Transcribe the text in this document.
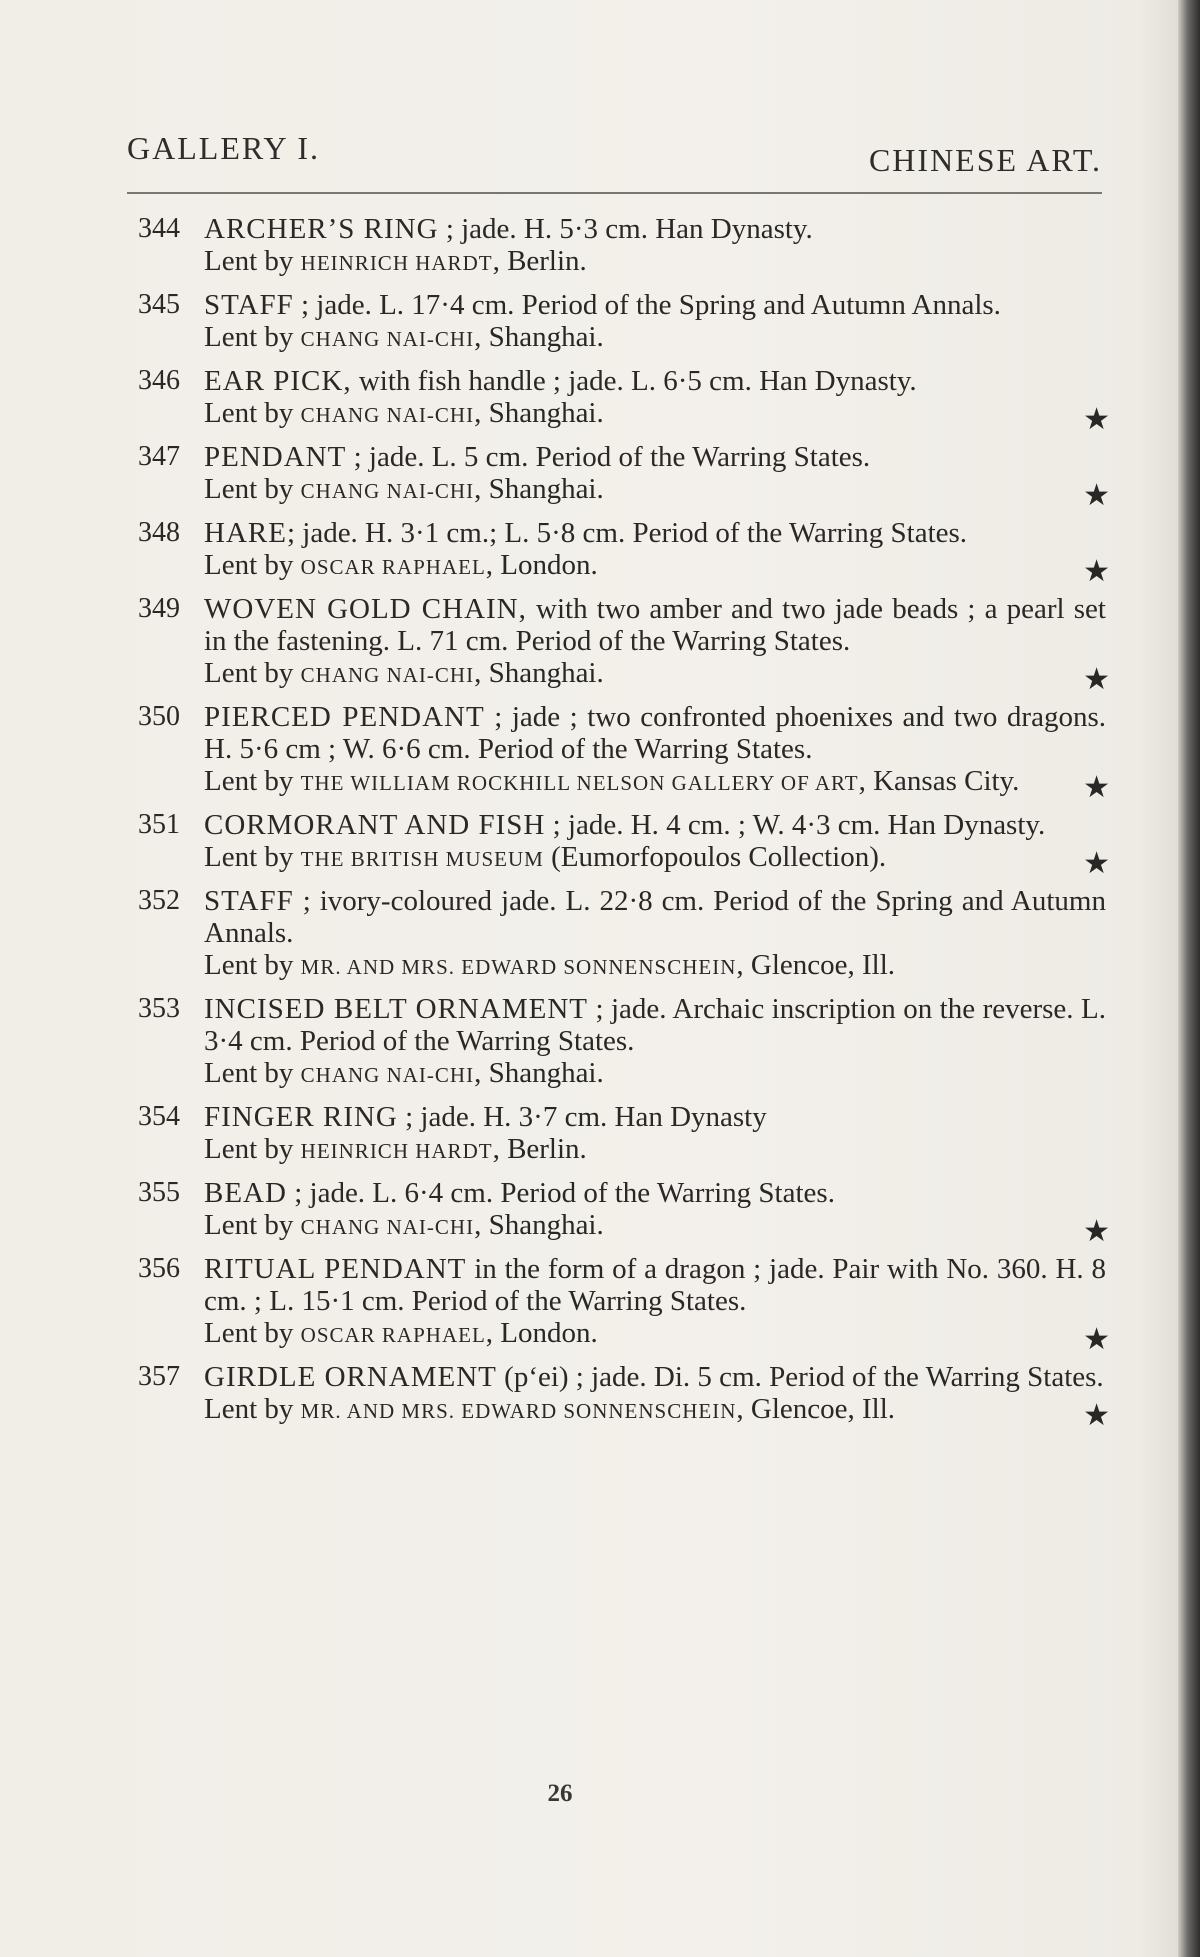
GALLERY I.	CHINESE ART.
344 ARCHER’S RING ; jade. H. 5·3 cm. Han Dynasty.
Lent by HEINRICH HARDT, Berlin.
345 STAFF ; jade. L. 17·4 cm. Period of the Spring and Autumn Annals.
Lent by CHANG NAI-CHI, Shanghai.
346 EAR PICK, with fish handle ; jade. L. 6·5 cm. Han Dynasty.
Lent by CHANG NAI-CHI, Shanghai.	★
347 PENDANT ; jade. L. 5 cm. Period of the Warring States.
Lent by CHANG NAI-CHI, Shanghai.	★
348 HARE; jade. H. 3·1 cm.; L. 5·8 cm. Period of the Warring States.
Lent by OSCAR RAPHAEL, London.	★
349 WOVEN GOLD CHAIN, with two amber and two jade beads ; a pearl set in the fastening. L. 71 cm. Period of the Warring States.
Lent by CHANG NAI-CHI, Shanghai.	★
350 PIERCED PENDANT ; jade ; two confronted phoenixes and two dragons. H. 5·6 cm ; W. 6·6 cm. Period of the Warring States.
Lent by THE WILLIAM ROCKHILL NELSON GALLERY OF ART, Kansas City. ★
351 CORMORANT AND FISH ; jade. H. 4 cm. ; W. 4·3 cm. Han Dynasty.
Lent by THE BRITISH MUSEUM (Eumorfopoulos Collection).	★
352 STAFF ; ivory-coloured jade. L. 22·8 cm. Period of the Spring and Autumn Annals.
Lent by MR. AND MRS. EDWARD SONNENSCHEIN, Glencoe, Ill.
353 INCISED BELT ORNAMENT ; jade. Archaic inscription on the reverse. L. 3·4 cm. Period of the Warring States.
Lent by CHANG NAI-CHI, Shanghai.
354 FINGER RING ; jade. H. 3·7 cm. Han Dynasty
Lent by HEINRICH HARDT, Berlin.
355 BEAD ; jade. L. 6·4 cm. Period of the Warring States.
Lent by CHANG NAI-CHI, Shanghai.	★
356 RITUAL PENDANT in the form of a dragon ; jade. Pair with No. 360. H. 8 cm. ; L. 15·1 cm. Period of the Warring States.
Lent by OSCAR RAPHAEL, London.	★
357 GIRDLE ORNAMENT (p‘ei) ; jade. Di. 5 cm. Period of the Warring States.
Lent by MR. AND MRS. EDWARD SONNENSCHEIN, Glencoe, Ill.	★
26
